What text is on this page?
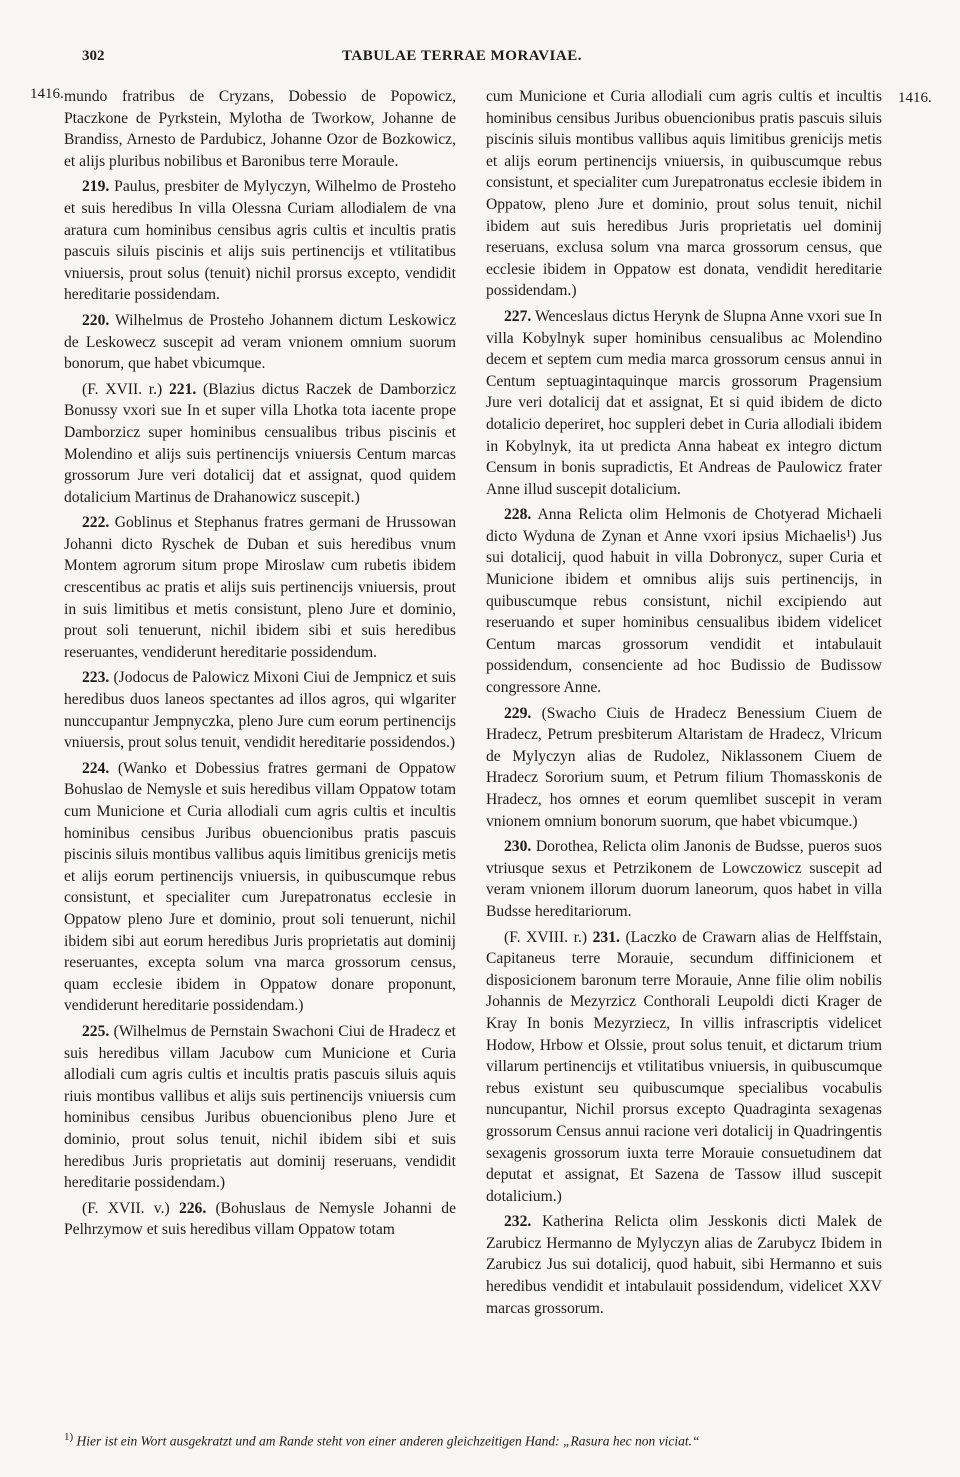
302	TABULAE TERRAE MORAVIAE.
1416.	1416.

mundo fratribus de Cryzans, Dobessio de Popowicz, Ptaczkone de Pyrkstein, Mylotha de Tworkow, Johanne de Brandiss, Arnesto de Pardubicz, Johanne Ozor de Bozkowicz, et alijs pluribus nobilibus et Baronibus terre Moraule.

219. Paulus, presbiter de Mylyczyn, Wilhelmo de Prosteho et suis heredibus In villa Olessna Curiam allodialem de vna aratura cum hominibus censibus agris cultis et incultis pratis pascuis siluis piscinis et alijs suis pertinencijs et vtilitatibus vniuersis, prout solus (tenuit) nichil prorsus excepto, vendidit hereditarie possidendam.

220. Wilhelmus de Prosteho Johannem dictum Leskowicz de Leskowecz suscepit ad veram vnionem omnium suorum bonorum, que habet vbicumque.

(F. XVII. r.) 221. (Blazius dictus Raczek de Damborzicz Bonussy vxori sue In et super villa Lhotka tota iacente prope Damborzicz super hominibus censualibus tribus piscinis et Molendino et alijs suis pertinencijs vniuersis Centum marcas grossorum Jure veri dotalicij dat et assignat, quod quidem dotalicium Martinus de Drahanowicz suscepit.)

222. Goblinus et Stephanus fratres germani de Hrussowan Johanni dicto Ryschek de Duban et suis heredibus vnum Montem agrorum situm prope Miroslaw cum rubetis ibidem crescentibus ac pratis et alijs suis pertinencijs vniuersis, prout in suis limitibus et metis consistunt, pleno Jure et dominio, prout soli tenuerunt, nichil ibidem sibi et suis heredibus reseruantes, vendiderunt hereditarie possidendum.

223. (Jodocus de Palowicz Mixoni Ciui de Jempnicz et suis heredibus duos laneos spectantes ad illos agros, qui wlgariter nunccupantur Jempnyczka, pleno Jure cum eorum pertinencijs vniuersis, prout solus tenuit, vendidit hereditarie possidendos.)

224. (Wanko et Dobessius fratres germani de Oppatow Bohuslao de Nemysle et suis heredibus villam Oppatow totam cum Municione et Curia allodiali cum agris cultis et incultis hominibus censibus Juribus obuencionibus pratis pascuis piscinis siluis montibus vallibus aquis limitibus grenicijs metis et alijs eorum pertinencijs vniuersis, in quibuscumque rebus consistunt, et specialiter cum Jurepatronatus ecclesie in Oppatow pleno Jure et dominio, prout soli tenuerunt, nichil ibidem sibi aut eorum heredibus Juris proprietatis aut dominij reseruantes, excepta solum vna marca grossorum census, quam ecclesie ibidem in Oppatow donare proponunt, vendiderunt hereditarie possidendam.)

225. (Wilhelmus de Pernstain Swachoni Ciui de Hradecz et suis heredibus villam Jacubow cum Municione et Curia allodiali cum agris cultis et incultis pratis pascuis siluis aquis riuis montibus vallibus et alijs suis pertinencijs vniuersis cum hominibus censibus Juribus obuencionibus pleno Jure et dominio, prout solus tenuit, nichil ibidem sibi et suis heredibus Juris proprietatis aut dominij reseruans, vendidit hereditarie possidendam.)

(F. XVII. v.) 226. (Bohuslaus de Nemysle Johanni de Pelhrzymow et suis heredibus villam Oppatow totam

cum Municione et Curia allodiali cum agris cultis et incultis hominibus censibus Juribus obuencionibus pratis pascuis siluis piscinis siluis montibus vallibus aquis limitibus grenicijs metis et alijs eorum pertinencijs vniuersis, in quibuscumque rebus consistunt, et specialiter cum Jurepatronatus ecclesie ibidem in Oppatow, pleno Jure et dominio, prout solus tenuit, nichil ibidem aut suis heredibus Juris proprietatis uel dominij reseruans, exclusa solum vna marca grossorum census, que ecclesie ibidem in Oppatow est donata, vendidit hereditarie possidendam.)

227. Wenceslaus dictus Herynk de Slupna Anne vxori sue In villa Kobylnyk super hominibus censualibus ac Molendino decem et septem cum media marca grossorum census annui in Centum septuagintaquinque marcis grossorum Pragensium Jure veri dotalicij dat et assignat, Et si quid ibidem de dicto dotalicio deperiret, hoc suppleri debet in Curia allodiali ibidem in Kobylnyk, ita ut predicta Anna habeat ex integro dictum Censum in bonis supradictis, Et Andreas de Paulowicz frater Anne illud suscepit dotalicium.

228. Anna Relicta olim Helmonis de Chotyerad Michaeli dicto Wyduna de Zynan et Anne vxori ipsius Michaelis¹) Jus sui dotalicij, quod habuit in villa Dobronycz, super Curia et Municione ibidem et omnibus alijs suis pertinencijs, in quibuscumque rebus consistunt, nichil excipiendo aut reseruando et super hominibus censualibus ibidem videlicet Centum marcas grossorum vendidit et intabulauit possidendum, consenciente ad hoc Budissio de Budissow congressore Anne.

229. (Swacho Ciuis de Hradecz Benessium Ciuem de Hradecz, Petrum presbiterum Altaristam de Hradecz, Vlricum de Mylyczyn alias de Rudolez, Niklassonem Ciuem de Hradecz Sororium suum, et Petrum filium Thomasskonis de Hradecz, hos omnes et eorum quemlibet suscepit in veram vnionem omnium bonorum suorum, que habet vbicumque.)

230. Dorothea, Relicta olim Janonis de Budsse, pueros suos vtriusque sexus et Petrzikonem de Lowczowicz suscepit ad veram vnionem illorum duorum laneorum, quos habet in villa Budsse hereditariorum.

(F. XVIII. r.) 231. (Laczko de Crawarn alias de Helffstain, Capitaneus terre Morauie, secundum diffinicionem et disposicionem baronum terre Morauie, Anne filie olim nobilis Johannis de Mezyrzicz Conthorali Leupoldi dicti Krager de Kray In bonis Mezyrziecz, In villis infrascriptis videlicet Hodow, Hrbow et Olssie, prout solus tenuit, et dictarum trium villarum pertinencijs et vtilitatibus vniuersis, in quibuscumque rebus existunt seu quibuscumque specialibus vocabulis nuncupantur, Nichil prorsus excepto Quadraginta sexagenas grossorum Census annui racione veri dotalicij in Quadringentis sexagenis grossorum iuxta terre Morauie consuetudinem dat deputat et assignat, Et Sazena de Tassow illud suscepit dotalicium.)

232. Katherina Relicta olim Jesskonis dicti Malek de Zarubicz Hermanno de Mylyczyn alias de Zarubycz Ibidem in Zarubicz Jus sui dotalicij, quod habuit, sibi Hermanno et suis heredibus vendidit et intabulauit possidendum, videlicet XXV marcas grossorum.

$^{1)}$ Hier ist ein Wort ausgekratzt und am Rande steht von einer anderen gleichzeitigen Hand: „Rasura hec non viciat.“
